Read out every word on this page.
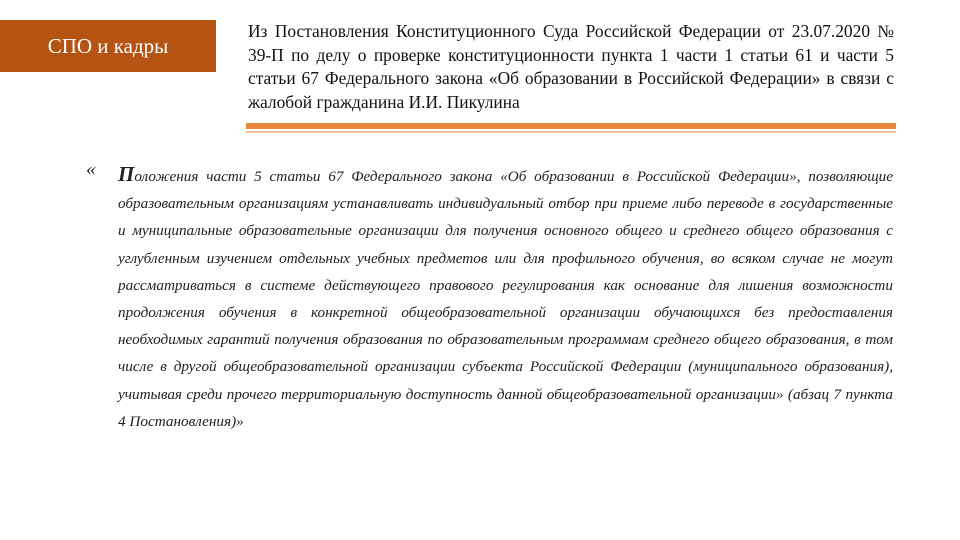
СПО и кадры
Из Постановления Конституционного Суда Российской Федерации от 23.07.2020 № 39-П по делу о проверке конституционности пункта 1 части 1 статьи 61 и части 5 статьи 67 Федерального закона «Об образовании в Российской Федерации» в связи с жалобой гражданина И.И. Пикулина
« Положения части 5 статьи 67 Федерального закона «Об образовании в Российской Федерации», позволяющие образовательным организациям устанавливать индивидуальный отбор при приеме либо переводе в государственные и муниципальные образовательные организации для получения основного общего и среднего общего образования с углубленным изучением отдельных учебных предметов или для профильного обучения, во всяком случае не могут рассматриваться в системе действующего правового регулирования как основание для лишения возможности продолжения обучения в конкретной общеобразовательной организации обучающихся без предоставления необходимых гарантий получения образования по образовательным программам среднего общего образования, в том числе в другой общеобразовательной организации субъекта Российской Федерации (муниципального образования), учитывая среди прочего территориальную доступность данной общеобразовательной организации» (абзац 7 пункта 4 Постановления)»
